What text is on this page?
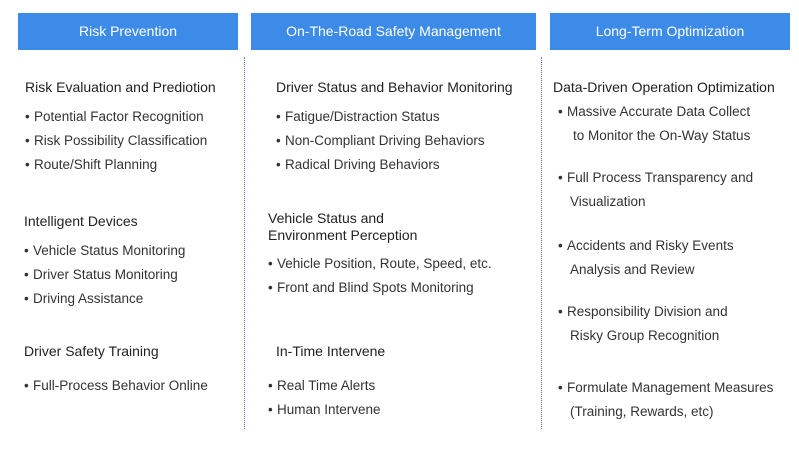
Risk Prevention	On-The-Road Safety Management	Long-Term Optimization
Risk Evaluation and Prediotion
• Potential Factor Recognition
• Risk Possibility Classification
• Route/Shift Planning
Intelligent Devices
• Vehicle Status Monitoring
• Driver Status Monitoring
• Driving Assistance
Driver Safety Training
• Full-Process Behavior Online
Driver Status and Behavior Monitoring
• Fatigue/Distraction Status
• Non-Compliant Driving Behaviors
• Radical Driving Behaviors
Vehicle Status and
Environment Perception
• Vehicle Position, Route, Speed, etc.
• Front and Blind Spots Monitoring
In-Time Intervene
• Real Time Alerts
• Human Intervene
Data-Driven Operation Optimization
• Massive Accurate Data Collect
to Monitor the On-Way Status
• Full Process Transparency and
Visualization
• Accidents and Risky Events
Analysis and Review
• Responsibility Division and
Risky Group Recognition
• Formulate Management Measures
(Training, Rewards, etc)
